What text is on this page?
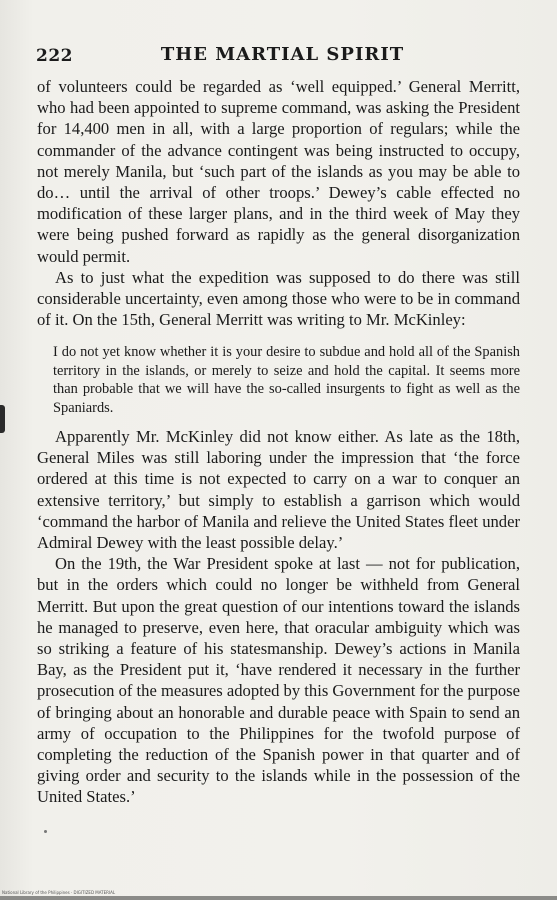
222	THE MARTIAL SPIRIT

of volunteers could be regarded as ‘well equipped.’ General Merritt, who had been appointed to supreme command, was asking the President for 14,400 men in all, with a large proportion of regulars; while the commander of the advance contingent was being instructed to occupy, not merely Manila, but ‘such part of the islands as you may be able to do… until the arrival of other troops.’ Dewey’s cable effected no modification of these larger plans, and in the third week of May they were being pushed forward as rapidly as the general disorganization would permit.

As to just what the expedition was supposed to do there was still considerable uncertainty, even among those who were to be in command of it. On the 15th, General Merritt was writing to Mr. McKinley:

I do not yet know whether it is your desire to subdue and hold all of the Spanish territory in the islands, or merely to seize and hold the capital. It seems more than probable that we will have the so-called insurgents to fight as well as the Spaniards.

Apparently Mr. McKinley did not know either. As late as the 18th, General Miles was still laboring under the impression that ‘the force ordered at this time is not expected to carry on a war to conquer an extensive territory,’ but simply to establish a garrison which would ‘command the harbor of Manila and relieve the United States fleet under Admiral Dewey with the least possible delay.’

On the 19th, the War President spoke at last — not for publication, but in the orders which could no longer be withheld from General Merritt. But upon the great question of our intentions toward the islands he managed to preserve, even here, that oracular ambiguity which was so striking a feature of his statesmanship. Dewey’s actions in Manila Bay, as the President put it, ‘have rendered it necessary in the further prosecution of the measures adopted by this Government for the purpose of bringing about an honorable and durable peace with Spain to send an army of occupation to the Philippines for the twofold purpose of completing the reduction of the Spanish power in that quarter and of giving order and security to the islands while in the possession of the United States.’

National Library of the Philippines · DIGITIZED MATERIAL
